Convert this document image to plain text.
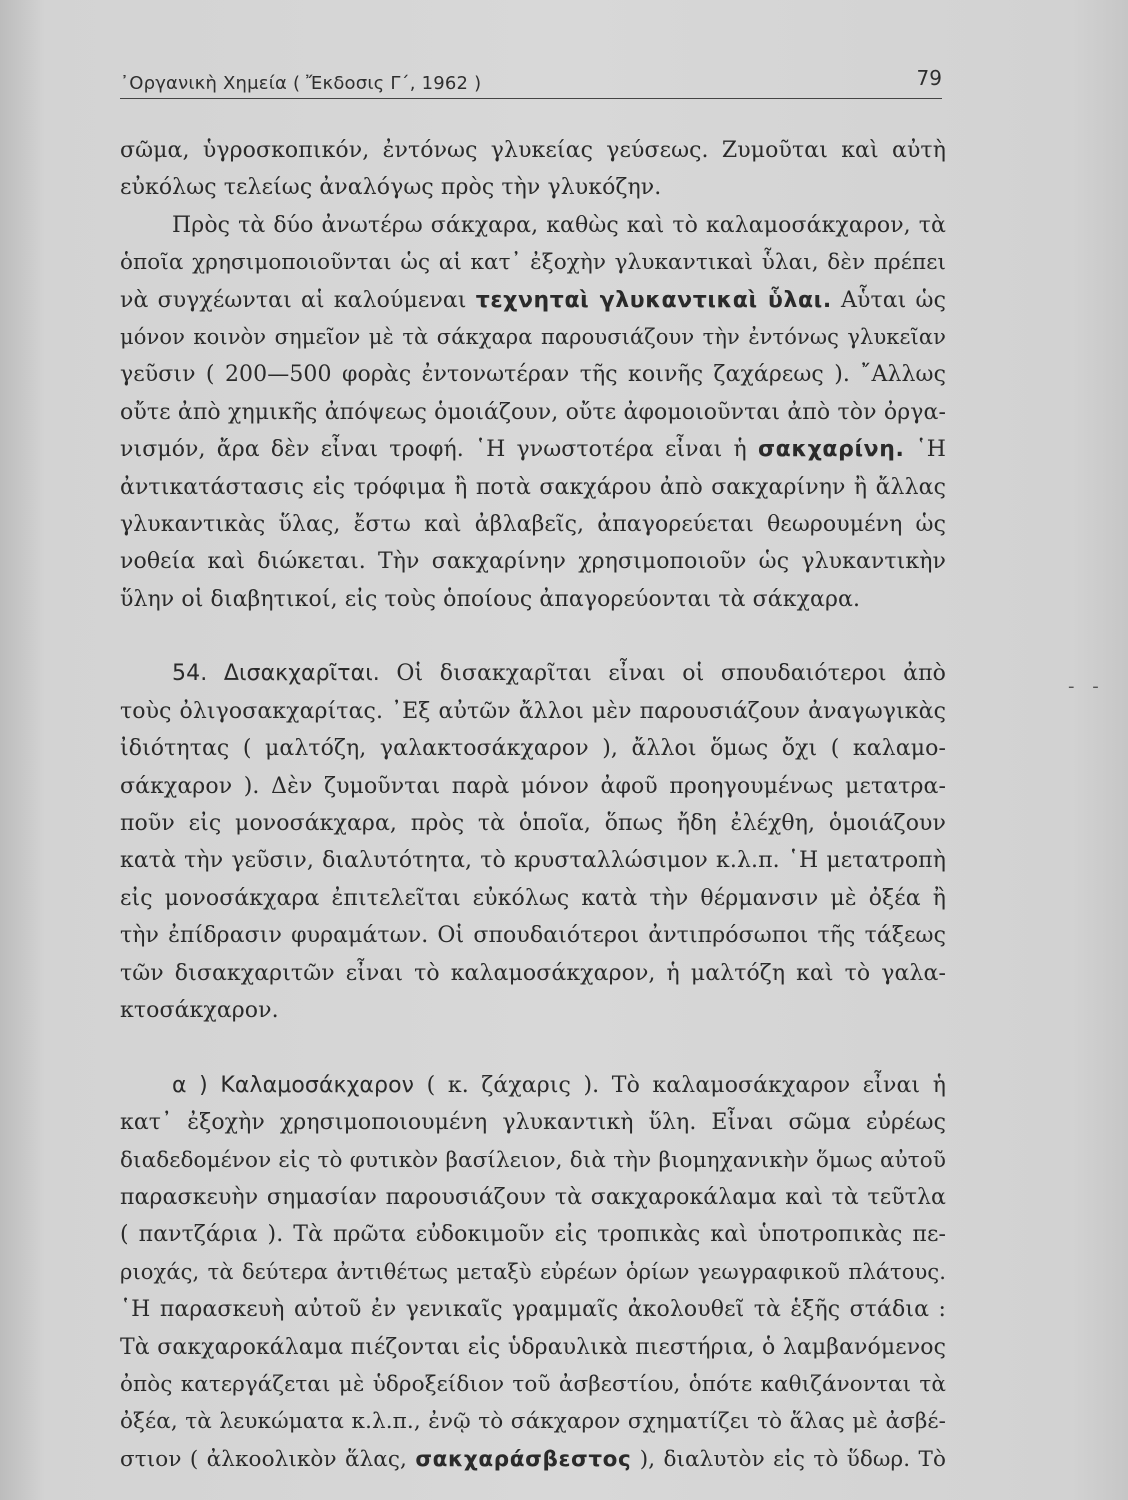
᾿Οργανικὴ Χημεία ( Ἔκδοσις Γ΄, 1962 )	79
- -
σῶμα, ὑγροσκοπικόν, ἐντόνως γλυκείας γεύσεως. Ζυμοῦται καὶ αὐτὴ
εὐκόλως τελείως ἀναλόγως πρὸς τὴν γλυκόζην.
Πρὸς τὰ δύο ἀνωτέρω σάκχαρα, καθὼς καὶ τὸ καλαμοσάκχαρον, τὰ
ὁποῖα χρησιμοποιοῦνται ὡς αἱ κατ᾿ ἐξοχὴν γλυκαντικαὶ ὗλαι, δὲν πρέπει
νὰ συγχέωνται αἱ καλούμεναι τεχνηταὶ γλυκαντικαὶ ὗλαι. Αὗται ὡς
μόνον κοινὸν σημεῖον μὲ τὰ σάκχαρα παρουσιάζουν τὴν ἐντόνως γλυκεῖαν
γεῦσιν ( 200—500 φορὰς ἐντονωτέραν τῆς κοινῆς ζαχάρεως ). ῎Αλλως
οὔτε ἀπὸ χημικῆς ἀπόψεως ὁμοιάζουν, οὔτε ἀφομοιοῦνται ἀπὸ τὸν ὀργα-
νισμόν, ἄρα δὲν εἶναι τροφή. ῾Η γνωστοτέρα εἶναι ἡ σακχαρίνη. ῾Η
ἀντικατάστασις εἰς τρόφιμα ἢ ποτὰ σακχάρου ἀπὸ σακχαρίνην ἢ ἄλλας
γλυκαντικὰς ὕλας, ἔστω καὶ ἀβλαβεῖς, ἀπαγορεύεται θεωρουμένη ὡς
νοθεία καὶ διώκεται. Τὴν σακχαρίνην χρησιμοποιοῦν ὡς γλυκαντικὴν
ὕλην οἱ διαβητικοί, εἰς τοὺς ὁποίους ἀπαγορεύονται τὰ σάκχαρα.
54. Δισακχαρῖται. Οἱ δισακχαρῖται εἶναι οἱ σπουδαιότεροι ἀπὸ
τοὺς ὀλιγοσακχαρίτας. ᾿Εξ αὐτῶν ἄλλοι μὲν παρουσιάζουν ἀναγωγικὰς
ἰδιότητας ( μαλτόζη, γαλακτοσάκχαρον ), ἄλλοι ὅμως ὄχι ( καλαμο-
σάκχαρον ). Δὲν ζυμοῦνται παρὰ μόνον ἀφοῦ προηγουμένως μετατρα-
ποῦν εἰς μονοσάκχαρα, πρὸς τὰ ὁποῖα, ὅπως ἤδη ἐλέχθη, ὁμοιάζουν
κατὰ τὴν γεῦσιν, διαλυτότητα, τὸ κρυσταλλώσιμον κ.λ.π. ῾Η μετατροπὴ
εἰς μονοσάκχαρα ἐπιτελεῖται εὐκόλως κατὰ τὴν θέρμανσιν μὲ ὀξέα ἢ
τὴν ἐπίδρασιν φυραμάτων. Οἱ σπουδαιότεροι ἀντιπρόσωποι τῆς τάξεως
τῶν δισακχαριτῶν εἶναι τὸ καλαμοσάκχαρον, ἡ μαλτόζη καὶ τὸ γαλα-
κτοσάκχαρον.
α ) Καλαμοσάκχαρον ( κ. ζάχαρις ). Τὸ καλαμοσάκχαρον εἶναι ἡ
κατ᾿ ἐξοχὴν χρησιμοποιουμένη γλυκαντικὴ ὕλη. Εἶναι σῶμα εὐρέως
διαδεδομένον εἰς τὸ φυτικὸν βασίλειον, διὰ τὴν βιομηχανικὴν ὅμως αὐτοῦ
παρασκευὴν σημασίαν παρουσιάζουν τὰ σακχαροκάλαμα καὶ τὰ τεῦτλα
( παντζάρια ). Τὰ πρῶτα εὐδοκιμοῦν εἰς τροπικὰς καὶ ὑποτροπικὰς πε-
ριοχάς, τὰ δεύτερα ἀντιθέτως μεταξὺ εὐρέων ὁρίων γεωγραφικοῦ πλάτους.
῾Η παρασκευὴ αὐτοῦ ἐν γενικαῖς γραμμαῖς ἀκολουθεῖ τὰ ἑξῆς στάδια :
Τὰ σακχαροκάλαμα πιέζονται εἰς ὑδραυλικὰ πιεστήρια, ὁ λαμβανόμενος
ὀπὸς κατεργάζεται μὲ ὑδροξείδιον τοῦ ἀσβεστίου, ὁπότε καθιζάνονται τὰ
ὀξέα, τὰ λευκώματα κ.λ.π., ἐνῷ τὸ σάκχαρον σχηματίζει τὸ ἅλας μὲ ἀσβέ-
στιον ( ἀλκοολικὸν ἅλας, σακχαράσβεστος ), διαλυτὸν εἰς τὸ ὕδωρ. Τὸ
